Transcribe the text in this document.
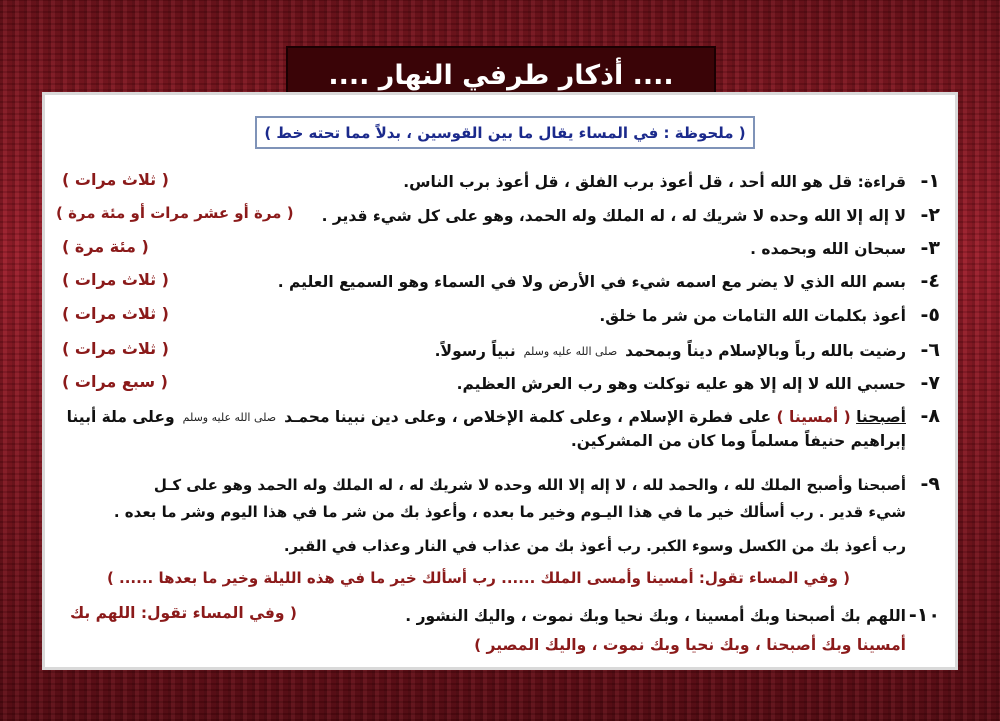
.... أذكار طرفي النهار ....
( ملحوظة : في المساء يقال ما بين القوسين ، بدلاً مما تحته خط )
١-قراءة: قل هو الله أحد ، قل أعوذ برب الفلق ، قل أعوذ برب الناس.
( ثلاث مرات )
٢-لا إله إلا الله وحده لا شريك له ، له الملك وله الحمد، وهو على كل شيء قدير .
( مرة أو عشر مرات أو مئة مرة )
٣-سبحان الله وبحمده .
( مئة مرة )
٤-بسم الله الذي لا يضر مع اسمه شيء في الأرض ولا في السماء وهو السميع العليم .
( ثلاث مرات )
٥-أعوذ بكلمات الله التامات من شر ما خلق.
( ثلاث مرات )
٦-رضيت بالله رباً وبالإسلام ديناً وبمحمدصلى الله عليه وسلمنبياً رسولاً.
( ثلاث مرات )
٧-حسبي الله لا إله إلا هو عليه توكلت وهو رب العرش العظيم.
( سبع مرات )
٨-أصبحنا ( أمسينا ) على فطرة الإسلام ، وعلى كلمة الإخلاص ، وعلى دين نبينا محمـدصلى الله عليه وسلموعلى ملة أبينا
إبراهيم حنيفاً مسلماً وما كان من المشركين.
٩-أصبحنا وأصبح الملك لله ، والحمد لله ، لا إله إلا الله وحده لا شريك له ، له الملك وله الحمد وهو على كـل
شيء قدير . رب أسألك خير ما في هذا اليـوم وخير ما بعده ، وأعوذ بك من شر ما في هذا اليوم وشر ما بعده .
رب أعوذ بك من الكسل وسوء الكبر. رب أعوذ بك من عذاب في النار وعذاب في القبر.
( وفي المساء تقول: أمسينا وأمسى الملك ...... رب أسألك خير ما في هذه الليلة وخير ما بعدها ...... )
١٠-اللهم بك أصبحنا وبك أمسينا ، وبك نحيا وبك نموت ، واليك النشور .
( وفي المساء تقول: اللهم بك
أمسينا وبك أصبحنا ، وبك نحيا وبك نموت ، واليك المصير )
